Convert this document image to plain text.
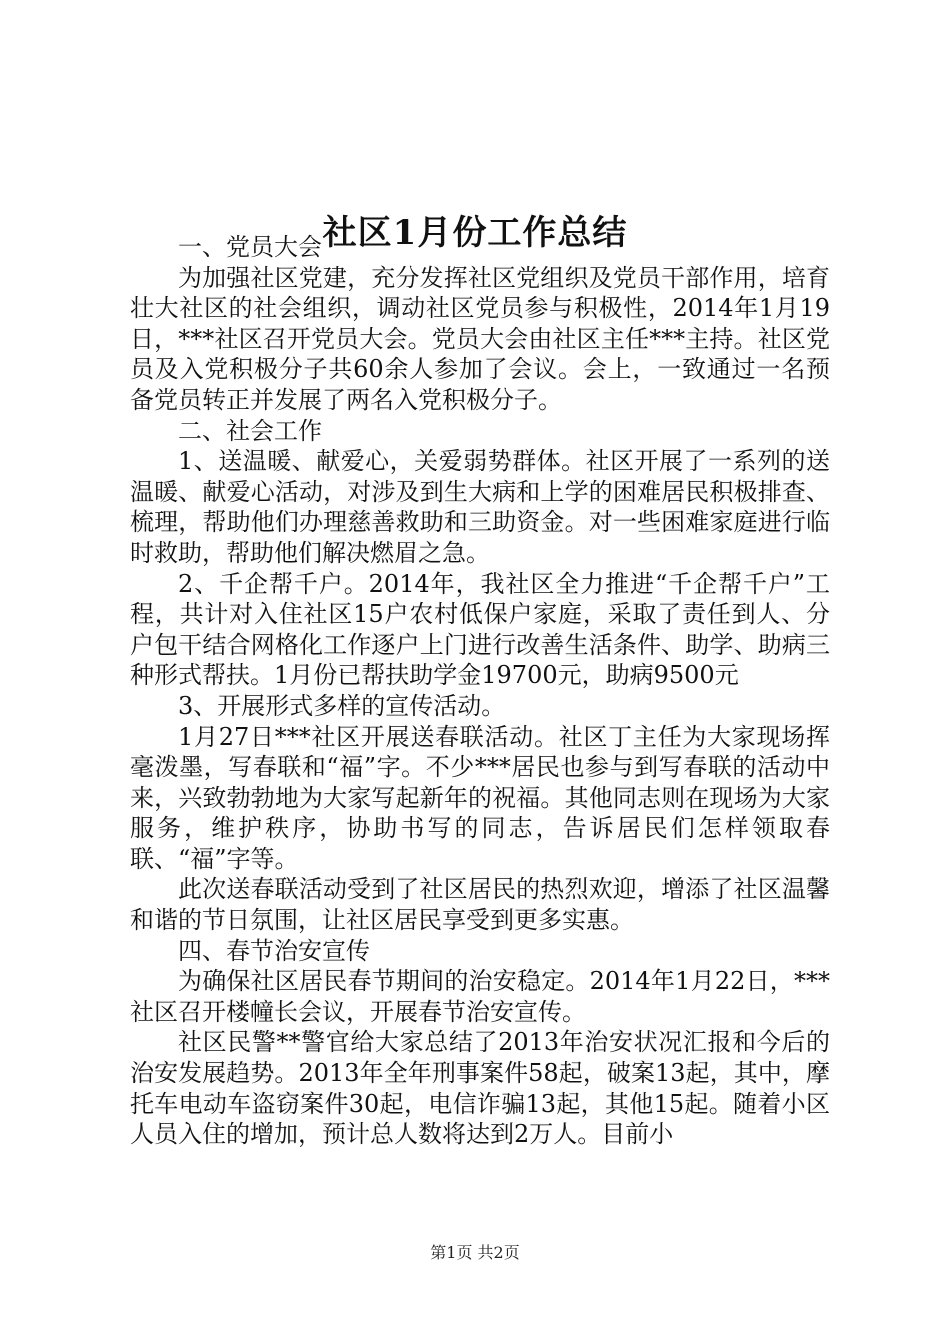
社区1月份工作总结

一、党员大会

为加强社区党建，充分发挥社区党组织及党员干部作用，培育壮大社区的社会组织，调动社区党员参与积极性，2014年1月19日，***社区召开党员大会。党员大会由社区主任***主持。社区党员及入党积极分子共60余人参加了会议。会上，一致通过一名预备党员转正并发展了两名入党积极分子。

二、社会工作

1、送温暖、献爱心，关爱弱势群体。社区开展了一系列的送温暖、献爱心活动，对涉及到生大病和上学的困难居民积极排查、梳理，帮助他们办理慈善救助和三助资金。对一些困难家庭进行临时救助，帮助他们解决燃眉之急。

2、千企帮千户。2014年，我社区全力推进“千企帮千户”工程，共计对入住社区15户农村低保户家庭，采取了责任到人、分户包干结合网格化工作逐户上门进行改善生活条件、助学、助病三种形式帮扶。1月份已帮扶助学金19700元，助病9500元

3、开展形式多样的宣传活动。

1月27日***社区开展送春联活动。社区丁主任为大家现场挥毫泼墨，写春联和“福”字。不少***居民也参与到写春联的活动中来，兴致勃勃地为大家写起新年的祝福。其他同志则在现场为大家服务，维护秩序，协助书写的同志，告诉居民们怎样领取春联、“福”字等。

此次送春联活动受到了社区居民的热烈欢迎，增添了社区温馨和谐的节日氛围，让社区居民享受到更多实惠。

四、春节治安宣传

为确保社区居民春节期间的治安稳定。2014年1月22日，***社区召开楼幢长会议，开展春节治安宣传。

社区民警**警官给大家总结了2013年治安状况汇报和今后的治安发展趋势。2013年全年刑事案件58起，破案13起，其中，摩托车电动车盗窃案件30起，电信诈骗13起，其他15起。随着小区人员入住的增加，预计总人数将达到2万人。目前小

第1页 共2页
